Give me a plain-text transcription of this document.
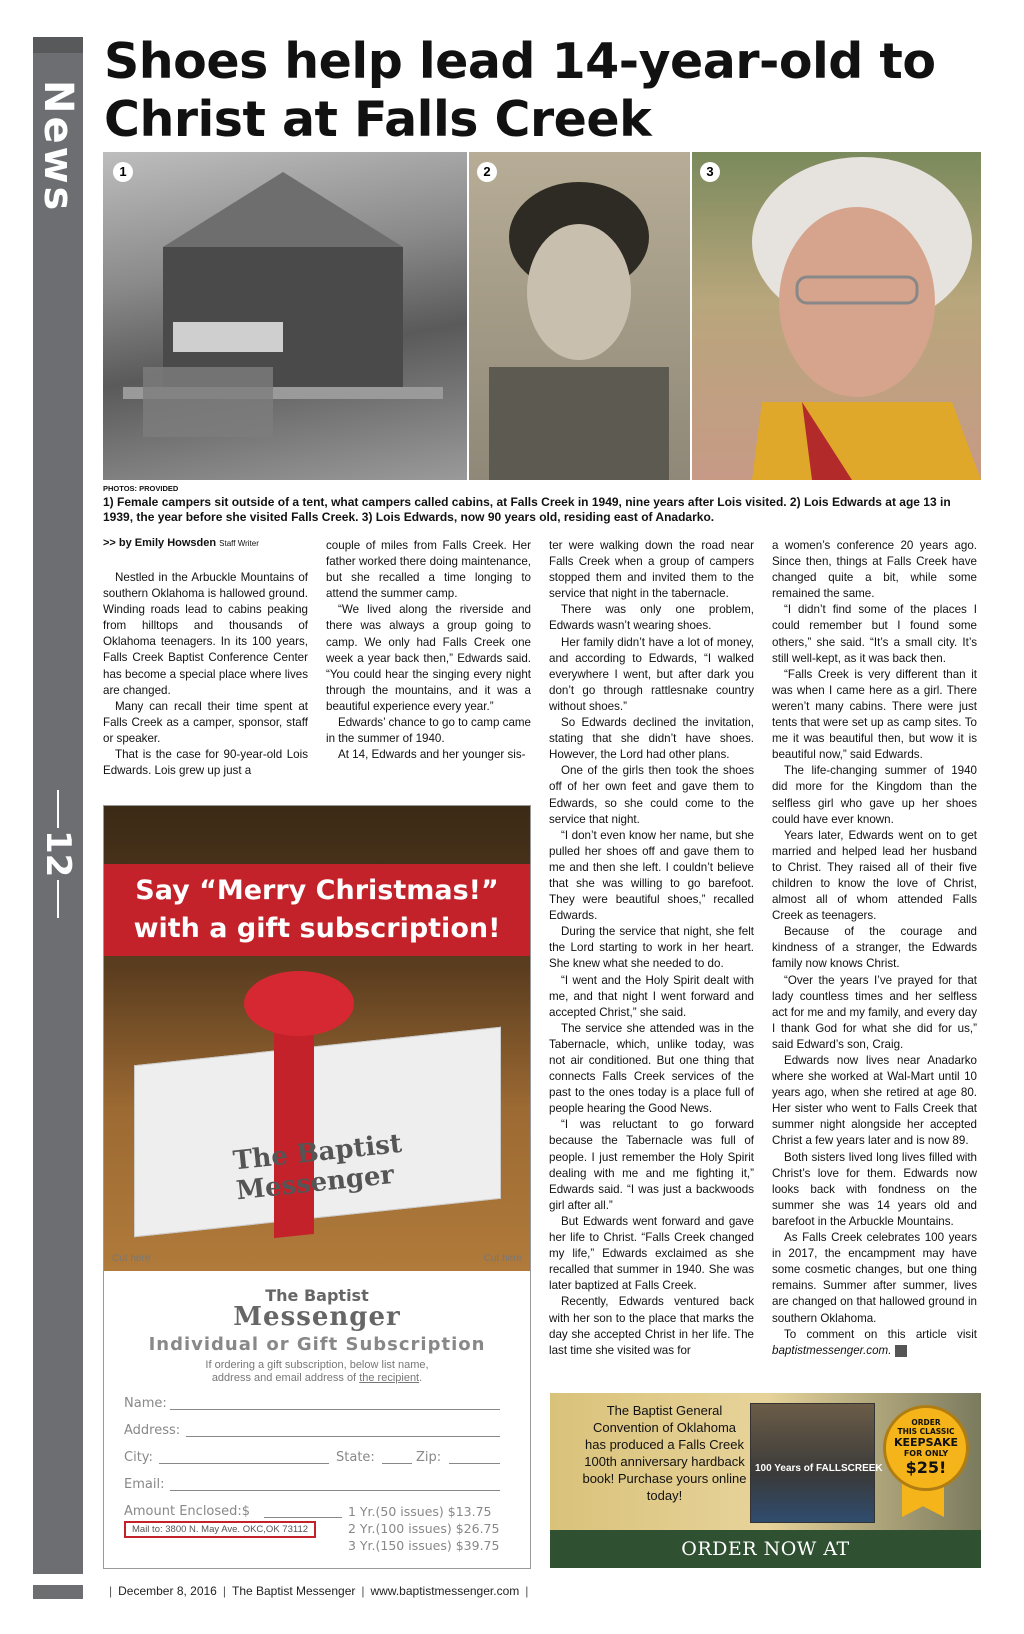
News
12
Shoes help lead 14-year-old to Christ at Falls Creek
1	2	3
PHOTOS: PROVIDED

1) Female campers sit outside of a tent, what campers called cabins, at Falls Creek in 1949, nine years after Lois visited. 2) Lois Edwards at age 13 in 1939, the year before she visited Falls Creek. 3) Lois Edwards, now 90 years old, residing east of Anadarko.

>> by Emily Howsden Staff Writer

Nestled in the Arbuckle Mountains of southern Oklahoma is hallowed ground. Winding roads lead to cabins peaking from hilltops and thousands of Oklahoma teenagers. In its 100 years, Falls Creek Baptist Conference Center has become a special place where lives are changed.

Many can recall their time spent at Falls Creek as a camper, sponsor, staff or speaker.

That is the case for 90-year-old Lois Edwards. Lois grew up just a

couple of miles from Falls Creek. Her father worked there doing maintenance, but she recalled a time longing to attend the summer camp.

“We lived along the riverside and there was always a group going to camp. We only had Falls Creek one week a year back then,” Edwards said. “You could hear the singing every night through the mountains, and it was a beautiful experience every year.”

Edwards’ chance to go to camp came in the summer of 1940.

At 14, Edwards and her younger sis-

ter were walking down the road near Falls Creek when a group of campers stopped them and invited them to the service that night in the tabernacle.

There was only one problem, Edwards wasn’t wearing shoes.

Her family didn’t have a lot of money, and according to Edwards, “I walked everywhere I went, but after dark you don’t go through rattlesnake country without shoes.”

So Edwards declined the invitation, stating that she didn’t have shoes. However, the Lord had other plans.

One of the girls then took the shoes off of her own feet and gave them to Edwards, so she could come to the service that night.

“I don’t even know her name, but she pulled her shoes off and gave them to me and then she left. I couldn’t believe that she was willing to go barefoot. They were beautiful shoes,” recalled Edwards.

During the service that night, she felt the Lord starting to work in her heart. She knew what she needed to do.

“I went and the Holy Spirit dealt with me, and that night I went forward and accepted Christ,” she said.

The service she attended was in the Tabernacle, which, unlike today, was not air conditioned. But one thing that connects Falls Creek services of the past to the ones today is a place full of people hearing the Good News.

“I was reluctant to go forward because the Tabernacle was full of people. I just remember the Holy Spirit dealing with me and me fighting it,” Edwards said. “I was just a backwoods girl after all.”

But Edwards went forward and gave her life to Christ. “Falls Creek changed my life,” Edwards exclaimed as she recalled that summer in 1940. She was later baptized at Falls Creek.

Recently, Edwards ventured back with her son to the place that marks the day she accepted Christ in her life. The last time she visited was for

a women’s conference 20 years ago. Since then, things at Falls Creek have changed quite a bit, while some remained the same.

“I didn’t find some of the places I could remember but I found some others,” she said. “It’s a small city. It’s still well-kept, as it was back then.

“Falls Creek is very different than it was when I came here as a girl. There weren’t many cabins. There were just tents that were set up as camp sites. To me it was beautiful then, but wow it is beautiful now,” said Edwards.

The life-changing summer of 1940 did more for the Kingdom than the selfless girl who gave up her shoes could have ever known.

Years later, Edwards went on to get married and helped lead her husband to Christ. They raised all of their five children to know the love of Christ, almost all of whom attended Falls Creek as teenagers.

Because of the courage and kindness of a stranger, the Edwards family now knows Christ.

“Over the years I’ve prayed for that lady countless times and her selfless act for me and my family, and every day I thank God for what she did for us,” said Edward’s son, Craig.

Edwards now lives near Anadarko where she worked at Wal-Mart until 10 years ago, when she retired at age 80. Her sister who went to Falls Creek that summer night alongside her accepted Christ a few years later and is now 89.

Both sisters lived long lives filled with Christ’s love for them. Edwards now looks back with fondness on the summer she was 14 years old and barefoot in the Arbuckle Mountains.

As Falls Creek celebrates 100 years in 2017, the encampment may have some cosmetic changes, but one thing remains. Summer after summer, lives are changed on that hallowed ground in southern Oklahoma.

To comment on this article visit baptistmessenger.com. m

The Baptist Messenger
Say “Merry Christmas!”
with a gift subscription!
Cut here	Cut here
The Baptist
Messenger
Individual or Gift Subscription
If ordering a gift subscription, below list name,
address and email address of the recipient.
Name:
Address:
City:	State:	Zip:
Email:
Amount Enclosed:$	1 Yr.(50 issues) $13.75
2 Yr.(100 issues) $26.75
3 Yr.(150 issues) $39.75
Mail to: 3800 N. May Ave. OKC,OK 73112
The Baptist General Convention of Oklahoma has produced a Falls Creek 100th anniversary hardback book! Purchase yours online today!
100 Years of FALLSCREEK
ORDER
THIS CLASSIC
KEEPSAKE
FOR ONLY
$25!
ORDER NOW AT FALLSCREEK.ORG/BOOK
| December 8, 2016 | The Baptist Messenger | www.baptistmessenger.com |
